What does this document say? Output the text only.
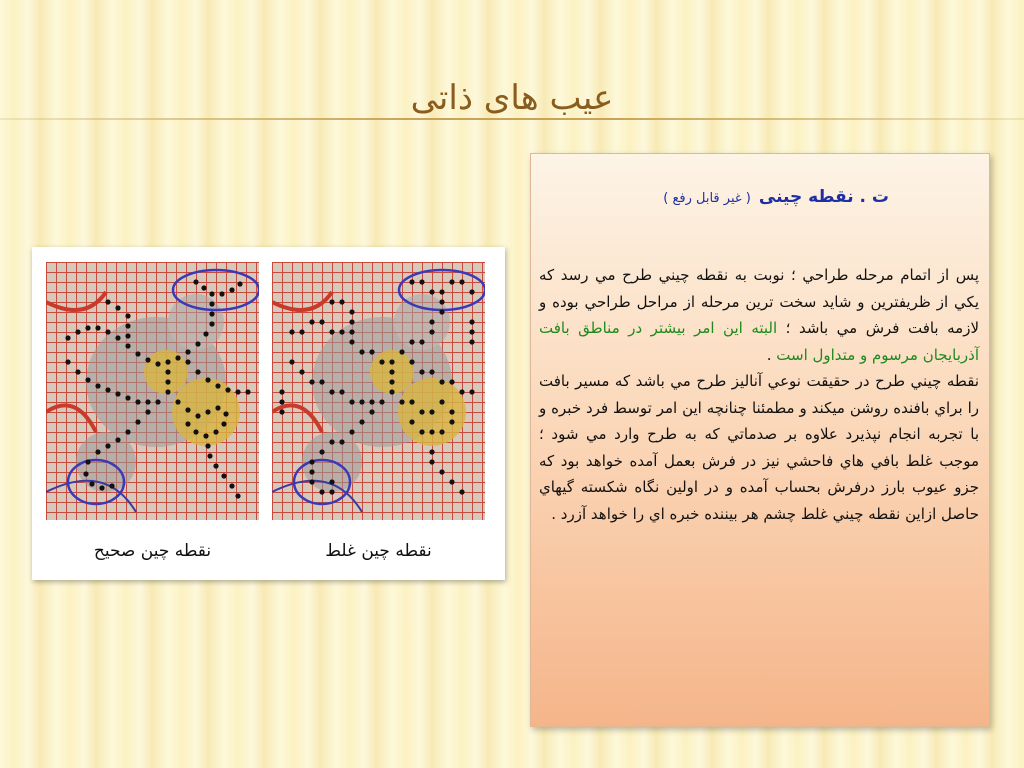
عیب های ذاتی
نقطه چین صحیح	نقطه چین غلط
ت . نقطه چینی( غیر قابل رفع )
پس از اتمام مرحله طراحي ؛ نوبت به نقطه چيني طرح مي رسد که يكي از ظريفترين و شايد سخت ترين مرحله از مراحل طراحي بوده و لازمه بافت فرش مي باشد ؛ البته اين امر بيشتر در مناطق بافت آذربايجان مرسوم و متداول است .
نقطه چيني طرح در حقيقت نوعي آناليز طرح مي باشد كه مسير بافت را براي بافنده روشن ميكند و مطمئنا چنانچه اين امر توسط فرد خبره و با تجربه انجام نپذيرد علاوه بر صدماتي كه به طرح وارد مي شود ؛ موجب غلط بافي هاي فاحشي نيز در فرش بعمل آمده خواهد بود كه جزو عيوب بارز درفرش بحساب آمده و در اولين نگاه شكسته گيهاي حاصل ازاين نقطه چيني غلط چشم هر بيننده خبره اي را خواهد آزرد .
